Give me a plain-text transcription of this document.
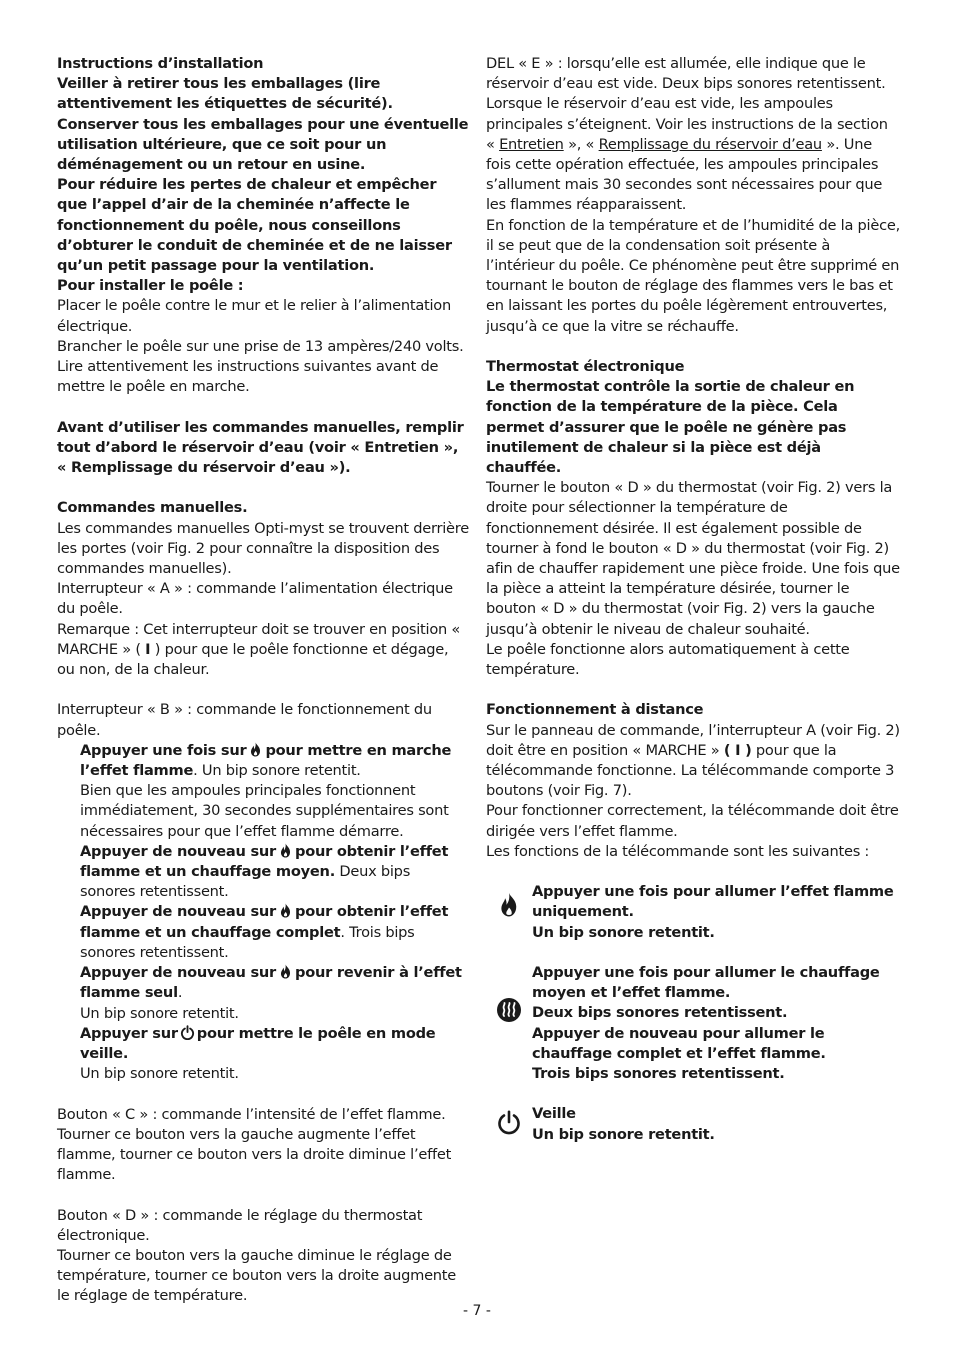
Instructions d’installation

Veiller à retirer tous les emballages (lire attentivement les étiquettes de sécurité).

Conserver tous les emballages pour une éventuelle utilisation ultérieure, que ce soit pour un déménagement ou un retour en usine.

Pour réduire les pertes de chaleur et empêcher que l’appel d’air de la cheminée n’affecte le fonctionnement du poêle, nous conseillons d’obturer le conduit de cheminée et de ne laisser qu’un petit passage pour la ventilation.

Pour installer le poêle :

Placer le poêle contre le mur et le relier à l’alimentation électrique.

Brancher le poêle sur une prise de 13 ampères/240 volts. Lire attentivement les instructions suivantes avant de mettre le poêle en marche.

Avant d’utiliser les commandes manuelles, remplir tout d’abord le réservoir d’eau (voir « Entretien », « Remplissage du réservoir d’eau »).

Commandes manuelles.

Les commandes manuelles Opti-myst se trouvent derrière les portes (voir Fig. 2 pour connaître la disposition des commandes manuelles).

Interrupteur « A » : commande l’alimentation électrique du poêle.

Remarque : Cet interrupteur doit se trouver en position « MARCHE » ( I ) pour que le poêle fonctionne et dégage, ou non, de la chaleur.

Interrupteur « B » : commande le fonctionnement du poêle.

Appuyer une fois sur pour mettre en marche l’effet flamme. Un bip sonore retentit.

Bien que les ampoules principales fonctionnent immédiatement, 30 secondes supplémentaires sont nécessaires pour que l’effet flamme démarre.

Appuyer de nouveau sur pour obtenir l’effet flamme et un chauffage moyen. Deux bips sonores retentissent.

Appuyer de nouveau sur pour obtenir l’effet flamme et un chauffage complet. Trois bips sonores retentissent.

Appuyer de nouveau sur pour revenir à l’effet flamme seul.

Un bip sonore retentit.

Appuyer sur pour mettre le poêle en mode veille.

Un bip sonore retentit.

Bouton « C » : commande l’intensité de l’effet flamme. Tourner ce bouton vers la gauche augmente l’effet flamme, tourner ce bouton vers la droite diminue l’effet flamme.

Bouton « D » : commande le réglage du thermostat électronique.

Tourner ce bouton vers la gauche diminue le réglage de température, tourner ce bouton vers la droite augmente le réglage de température.

DEL « E » : lorsqu’elle est allumée, elle indique que le réservoir d’eau est vide. Deux bips sonores retentissent. Lorsque le réservoir d’eau est vide, les ampoules principales s’éteignent. Voir les instructions de la section « Entretien », « Remplissage du réservoir d’eau ». Une fois cette opération effectuée, les ampoules principales s’allument mais 30 secondes sont nécessaires pour que les flammes réapparaissent.

En fonction de la température et de l’humidité de la pièce, il se peut que de la condensation soit présente à l’intérieur du poêle. Ce phénomène peut être supprimé en tournant le bouton de réglage des flammes vers le bas et en laissant les portes du poêle légèrement entrouvertes, jusqu’à ce que la vitre se réchauffe.

Thermostat électronique

Le thermostat contrôle la sortie de chaleur en fonction de la température de la pièce. Cela permet d’assurer que le poêle ne génère pas inutilement de chaleur si la pièce est déjà chauffée.

Tourner le bouton « D » du thermostat (voir Fig. 2) vers la droite pour sélectionner la température de fonctionnement désirée. Il est également possible de tourner à fond le bouton « D » du thermostat (voir Fig. 2) afin de chauffer rapidement une pièce froide. Une fois que la pièce a atteint la température désirée, tourner le bouton « D » du thermostat (voir Fig. 2) vers la gauche jusqu’à obtenir le niveau de chaleur souhaité.

Le poêle fonctionne alors automatiquement à cette température.

Fonctionnement à distance

Sur le panneau de commande, l’interrupteur A (voir Fig. 2) doit être en position « MARCHE » ( I ) pour que la télécommande fonctionne. La télécommande comporte 3 boutons (voir Fig. 7).

Pour fonctionner correctement, la télécommande doit être dirigée vers l’effet flamme.

Les fonctions de la télécommande sont les suivantes :

Appuyer une fois pour allumer l’effet flamme uniquement.

Un bip sonore retentit.

Appuyer une fois pour allumer le chauffage moyen et l’effet flamme.

Deux bips sonores retentissent.

Appuyer de nouveau pour allumer le chauffage complet et l’effet flamme.

Trois bips sonores retentissent.

Veille

Un bip sonore retentit.

- 7 -
